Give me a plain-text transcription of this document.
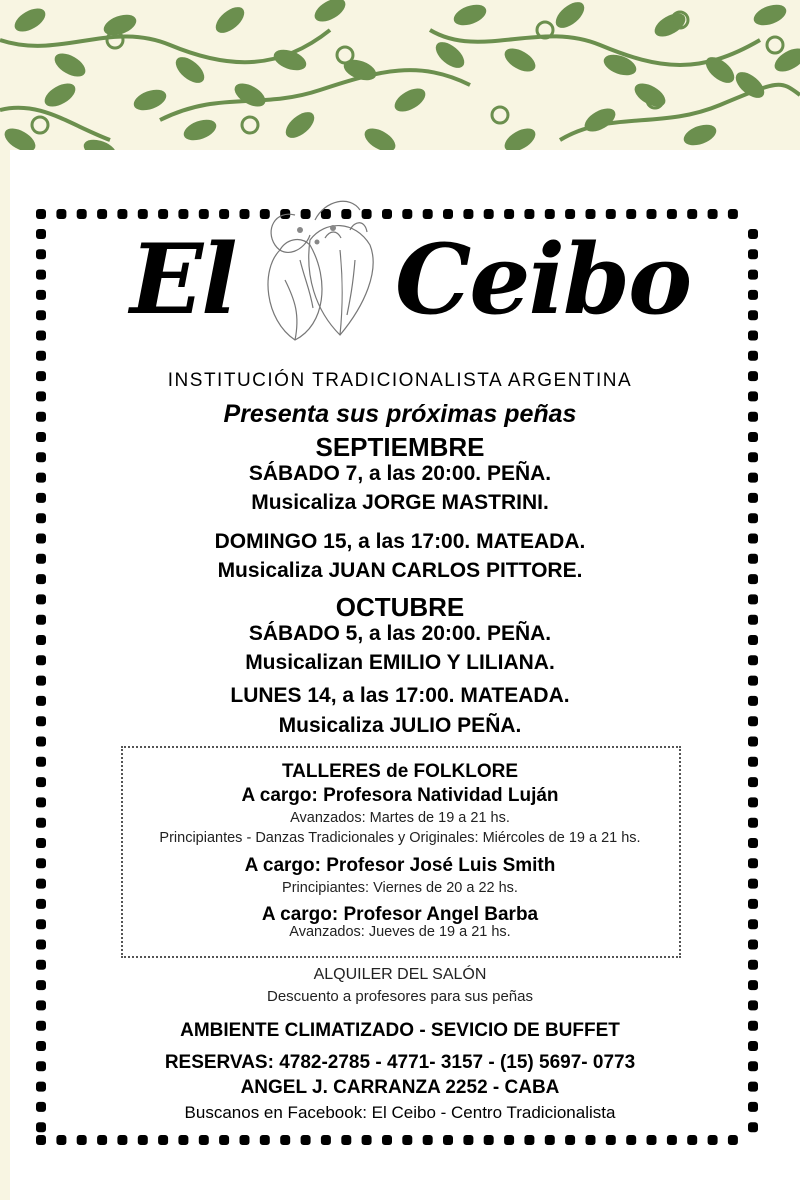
El Ceibo
INSTITUCIÓN TRADICIONALISTA ARGENTINA
Presenta sus próximas peñas
SEPTIEMBRE
SÁBADO 7, a las 20:00. PEÑA.
Musicaliza JORGE MASTRINI.
DOMINGO 15, a las 17:00. MATEADA.
Musicaliza JUAN CARLOS PITTORE.
OCTUBRE
SÁBADO 5, a las 20:00. PEÑA.
Musicalizan EMILIO Y LILIANA.
LUNES 14, a las 17:00. MATEADA.
Musicaliza JULIO PEÑA.
TALLERES de FOLKLORE
A cargo: Profesora Natividad Luján
Avanzados: Martes de 19 a 21 hs.
Principiantes - Danzas Tradicionales y Originales: Miércoles de 19 a 21 hs.
A cargo: Profesor José Luis Smith
Principiantes: Viernes de 20 a 22 hs.
A cargo: Profesor Angel Barba
Avanzados: Jueves de 19 a 21 hs.
ALQUILER DEL SALÓN
Descuento a profesores para sus peñas
AMBIENTE CLIMATIZADO - SEVICIO DE BUFFET
RESERVAS: 4782-2785 - 4771- 3157 - (15) 5697- 0773
ANGEL J. CARRANZA 2252 - CABA
Buscanos en Facebook: El Ceibo - Centro Tradicionalista
